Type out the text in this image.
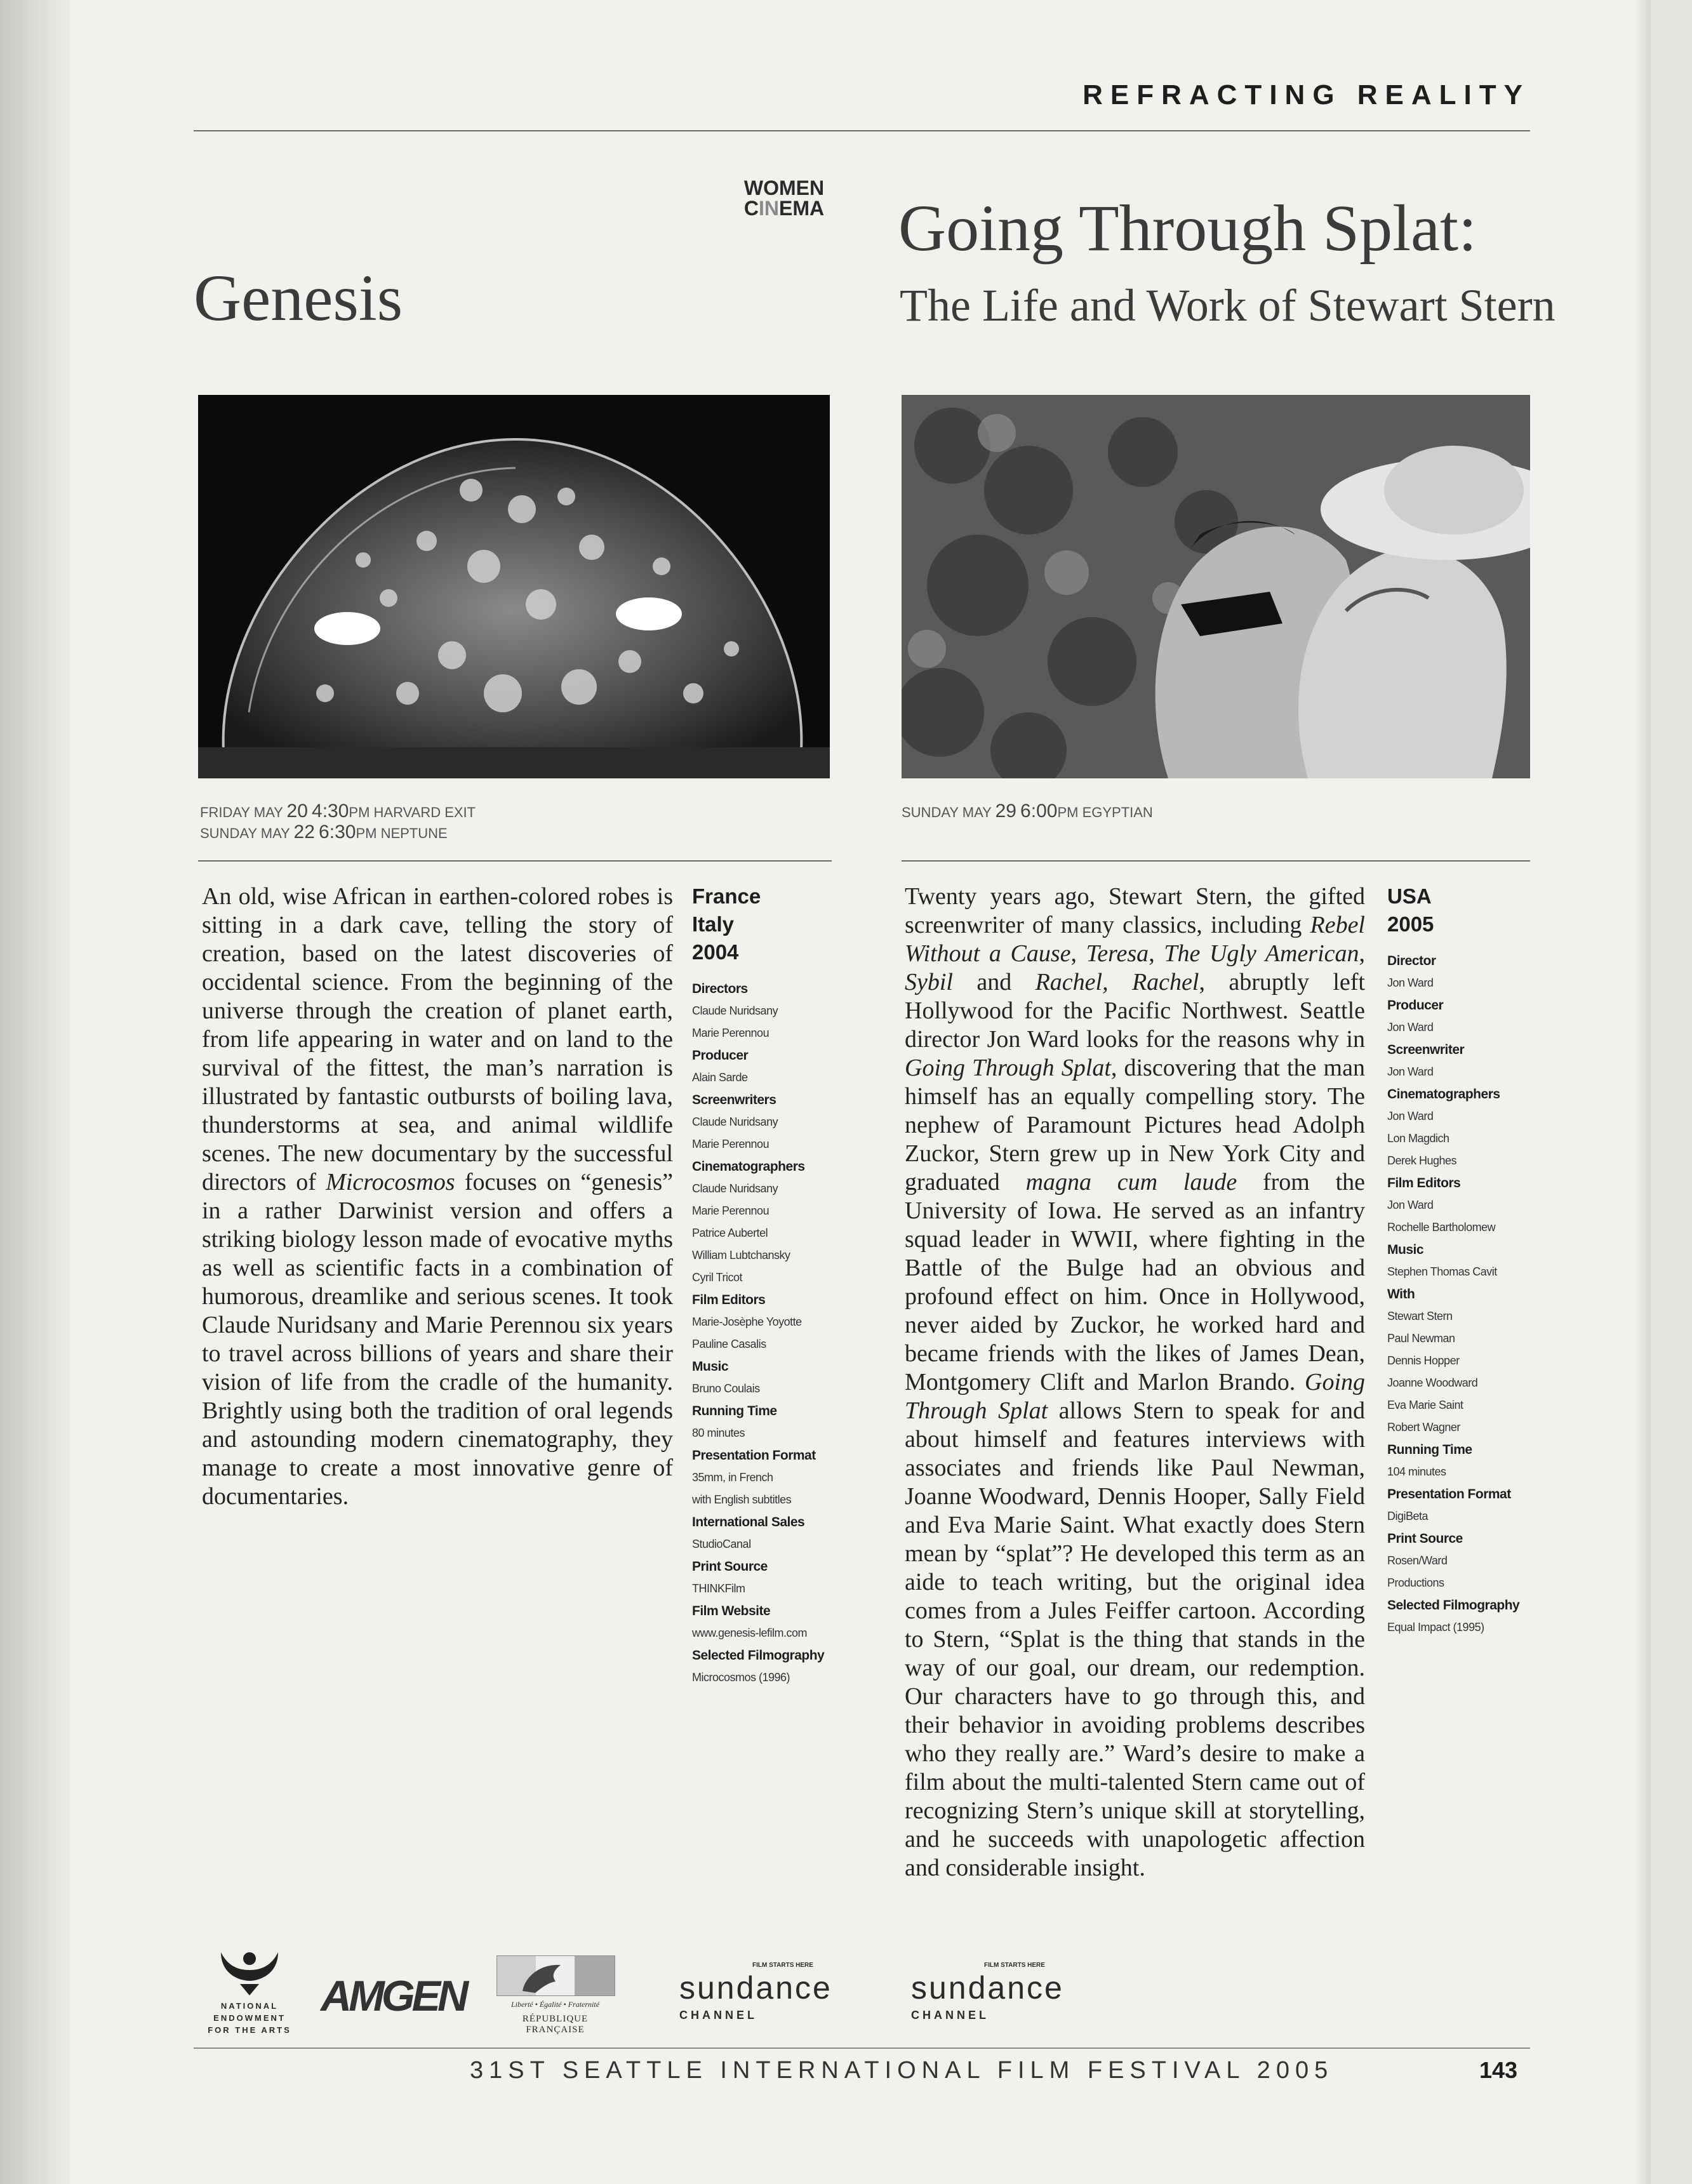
REFRACTING REALITY
Genesis
WOMEN
CINEMA Going Through Splat:
The Life and Work of Stewart Stern
FRIDAY MAY 20 4:30PM HARVARD EXIT
SUNDAY MAY 22 6:30PM NEPTUNE
SUNDAY MAY 29 6:00PM EGYPTIAN
An old, wise African in earthen-colored robes is sitting in a dark cave, telling the story of creation, based on the latest discoveries of occidental science. From the beginning of the universe through the creation of planet earth, from life appearing in water and on land to the survival of the fittest, the man’s narration is illustrated by fantastic outbursts of boiling lava, thunderstorms at sea, and animal wildlife scenes. The new documentary by the successful directors of Microcosmos focuses on “genesis” in a rather Darwinist version and offers a striking biology lesson made of evocative myths as well as scientific facts in a combination of humorous, dreamlike and serious scenes. It took Claude Nuridsany and Marie Perennou six years to travel across billions of years and share their vision of life from the cradle of the humanity. Brightly using both the tradition of oral legends and astounding modern cinematography, they manage to create a most innovative genre of documentaries.
France
Italy
2004
Directors
Claude Nuridsany
Marie Perennou
Producer
Alain Sarde
Screenwriters
Claude Nuridsany
Marie Perennou
Cinematographers
Claude Nuridsany
Marie Perennou
Patrice Aubertel
William Lubtchansky
Cyril Tricot
Film Editors
Marie-Josèphe Yoyotte
Pauline Casalis
Music
Bruno Coulais
Running Time
80 minutes
Presentation Format
35mm, in French
with English subtitles
International Sales
StudioCanal
Print Source
THINKFilm
Film Website
www.genesis-lefilm.com
Selected Filmography
Microcosmos (1996)
Twenty years ago, Stewart Stern, the gifted screenwriter of many classics, including Rebel Without a Cause, Teresa, The Ugly American, Sybil and Rachel, Rachel, abruptly left Hollywood for the Pacific Northwest. Seattle director Jon Ward looks for the reasons why in Going Through Splat, discovering that the man himself has an equally compelling story. The nephew of Paramount Pictures head Adolph Zuckor, Stern grew up in New York City and graduated magna cum laude from the University of Iowa. He served as an infantry squad leader in WWII, where fighting in the Battle of the Bulge had an obvious and profound effect on him. Once in Hollywood, never aided by Zuckor, he worked hard and became friends with the likes of James Dean, Montgomery Clift and Marlon Brando. Going Through Splat allows Stern to speak for and about himself and features interviews with associates and friends like Paul Newman, Joanne Woodward, Dennis Hooper, Sally Field and Eva Marie Saint. What exactly does Stern mean by “splat”? He developed this term as an aide to teach writing, but the original idea comes from a Jules Feiffer cartoon. According to Stern, “Splat is the thing that stands in the way of our goal, our dream, our redemption. Our characters have to go through this, and their behavior in avoiding problems describes who they really are.” Ward’s desire to make a film about the multi-talented Stern came out of recognizing Stern’s unique skill at storytelling, and he succeeds with unapologetic affection and considerable insight.
USA
2005
Director
Jon Ward
Producer
Jon Ward
Screenwriter
Jon Ward
Cinematographers
Jon Ward
Lon Magdich
Derek Hughes
Film Editors
Jon Ward
Rochelle Bartholomew
Music
Stephen Thomas Cavit
With
Stewart Stern
Paul Newman
Dennis Hopper
Joanne Woodward
Eva Marie Saint
Robert Wagner
Running Time
104 minutes
Presentation Format
DigiBeta
Print Source
Rosen/Ward
Productions
Selected Filmography
Equal Impact (1995)
NATIONAL
ENDOWMENT
FOR THE ARTS
AMGEN	Liberté • Égalité • Fraternité
RÉPUBLIQUE FRANÇAISE
FILM STARTS HERE
sundance
CHANNEL
FILM STARTS HERE
sundance
CHANNEL
31ST SEATTLE INTERNATIONAL FILM FESTIVAL 2005	143
